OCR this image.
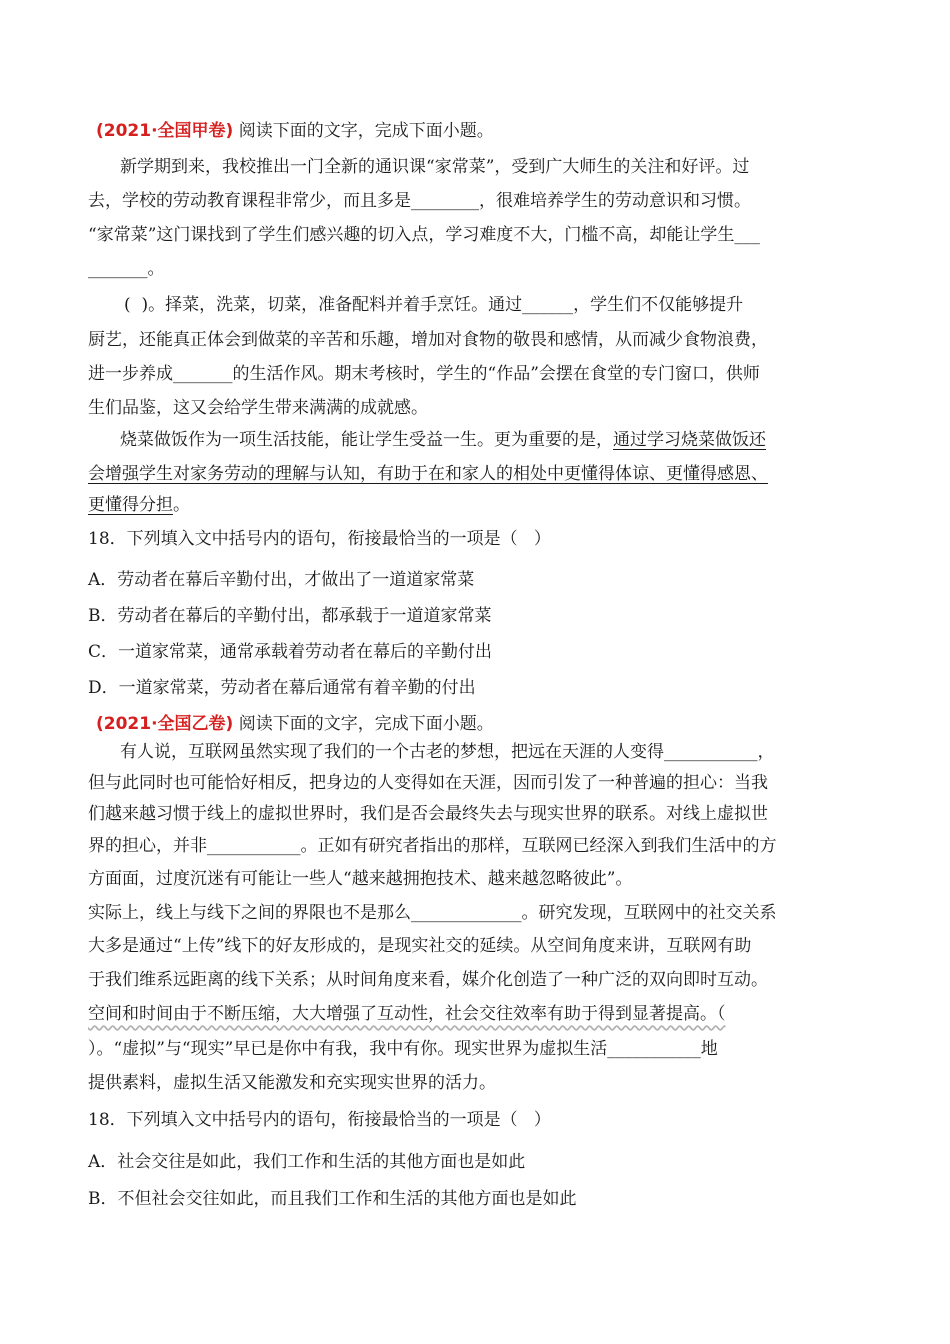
(2021·全国甲卷) 阅读下面的文字，完成下面小题。
新学期到来，我校推出一门全新的通识课“家常菜”，受到广大师生的关注和好评。过
去，学校的劳动教育课程非常少，而且多是________，很难培养学生的劳动意识和习惯。
“家常菜”这门课找到了学生们感兴趣的切入点，学习难度不大，门槛不高，却能让学生___
_______。
(  )。择菜，洗菜，切菜，准备配料并着手烹饪。通过______，学生们不仅能够提升
厨艺，还能真正体会到做菜的辛苦和乐趣，增加对食物的敬畏和感情，从而减少食物浪费，
进一步养成_______的生活作风。期末考核时，学生的“作品”会摆在食堂的专门窗口，供师
生们品鉴，这又会给学生带来满满的成就感。
烧菜做饭作为一项生活技能，能让学生受益一生。更为重要的是，通过学习烧菜做饭还
会增强学生对家务劳动的理解与认知，有助于在和家人的相处中更懂得体谅、更懂得感恩、
更懂得分担。
18．下列填入文中括号内的语句，衔接最恰当的一项是（   ）
A．劳动者在幕后辛勤付出，才做出了一道道家常菜
B．劳动者在幕后的辛勤付出，都承载于一道道家常菜
C．一道家常菜，通常承载着劳动者在幕后的辛勤付出
D．一道家常菜，劳动者在幕后通常有着辛勤的付出
(2021·全国乙卷) 阅读下面的文字，完成下面小题。
有人说，互联网虽然实现了我们的一个古老的梦想，把远在天涯的人变得___________，
但与此同时也可能恰好相反，把身边的人变得如在天涯，因而引发了一种普遍的担心：当我
们越来越习惯于线上的虚拟世界时，我们是否会最终失去与现实世界的联系。对线上虚拟世
界的担心，并非___________。正如有研究者指出的那样，互联网已经深入到我们生活中的方
方面面，过度沉迷有可能让一些人“越来越拥抱技术、越来越忽略彼此”。
实际上，线上与线下之间的界限也不是那么_____________。研究发现，互联网中的社交关系
大多是通过“上传”线下的好友形成的，是现实社交的延续。从空间角度来讲，互联网有助
于我们维系远距离的线下关系；从时间角度来看，媒介化创造了一种广泛的双向即时互动。
空间和时间由于不断压缩，大大增强了互动性，社会交往效率有助于得到显著提高。（
）。“虚拟”与“现实”早已是你中有我，我中有你。现实世界为虚拟生活___________地
提供素料，虚拟生活又能激发和充实现实世界的活力。
18．下列填入文中括号内的语句，衔接最恰当的一项是（   ）
A．社会交往是如此，我们工作和生活的其他方面也是如此
B．不但社会交往如此，而且我们工作和生活的其他方面也是如此
